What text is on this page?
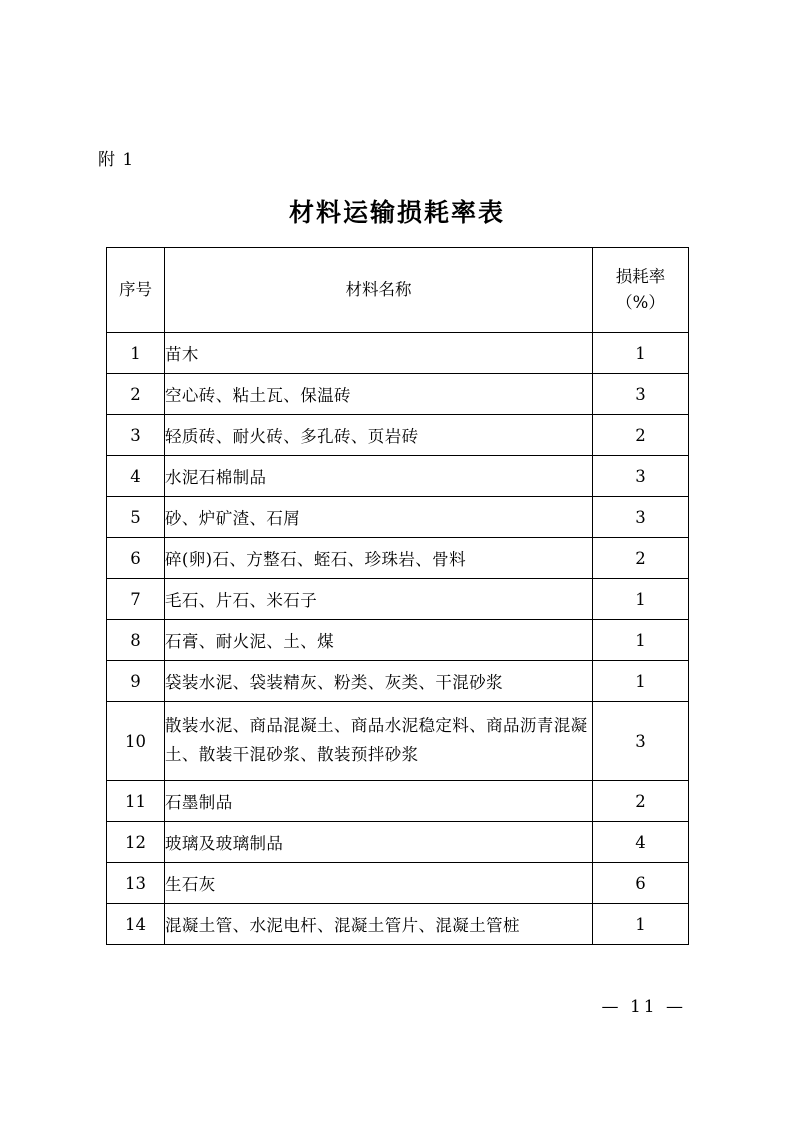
附 1
材料运输损耗率表
序号	材料名称	损耗率
（%）

1	苗木	1
2	空心砖、粘土瓦、保温砖	3
3	轻质砖、耐火砖、多孔砖、页岩砖	2
4	水泥石棉制品	3
5	砂、炉矿渣、石屑	3
6	碎(卵)石、方整石、蛭石、珍珠岩、骨料	2
7	毛石、片石、米石子	1
8	石膏、耐火泥、土、煤	1
9	袋装水泥、袋装精灰、粉类、灰类、干混砂浆	1
10	散装水泥、商品混凝土、商品水泥稳定料、商品沥青混凝土、散装干混砂浆、散装预拌砂浆	3
11	石墨制品	2
12	玻璃及玻璃制品	4
13	生石灰	6
14	混凝土管、水泥电杆、混凝土管片、混凝土管桩	1
— 11 —
